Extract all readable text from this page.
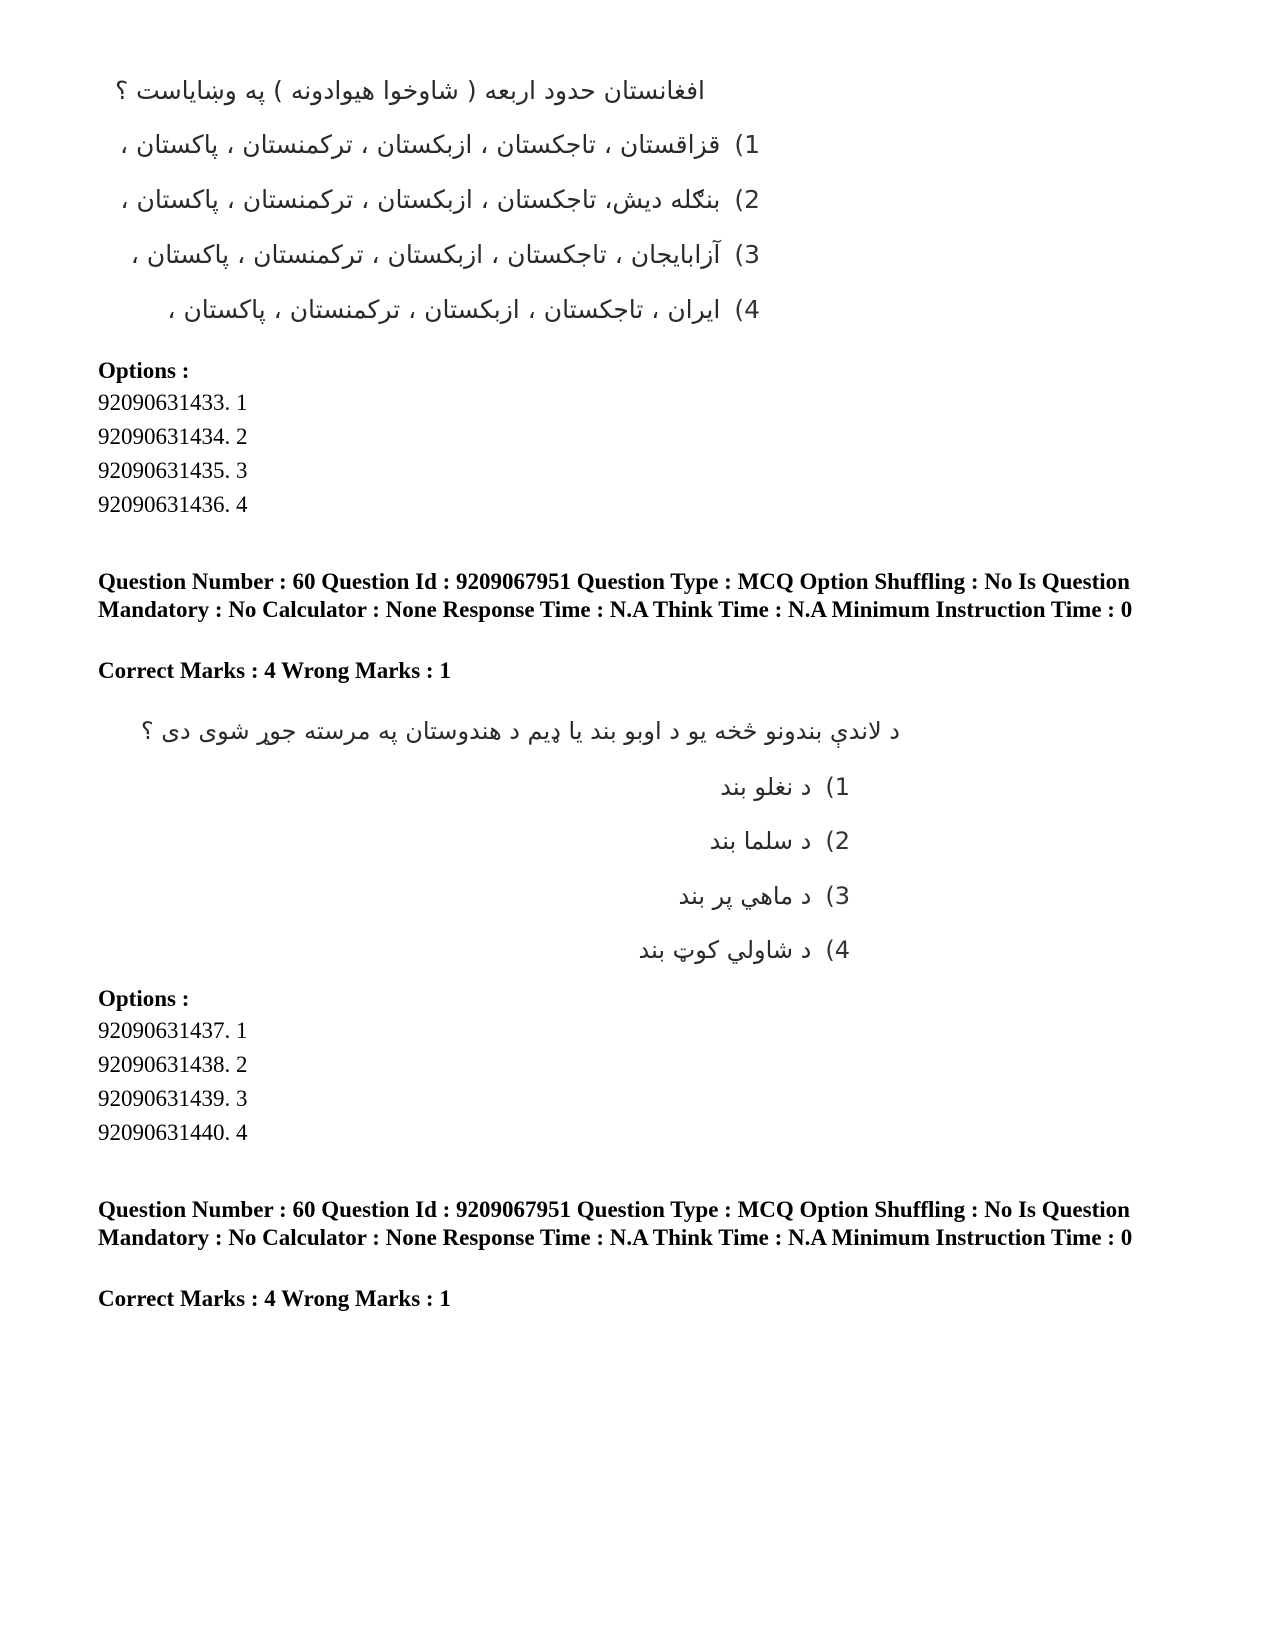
افغانستان حدود اربعه ( شاوخوا هیوادونه ) په وښایاست ؟
(1قزاقستان ، تاجکستان ، ازبکستان ، ترکمنستان ، پاکستان ،
(2بنګله دیش، تاجکستان ، ازبکستان ، ترکمنستان ، پاکستان ،
(3آزابایجان ، تاجکستان ، ازبکستان ، ترکمنستان ، پاکستان ،
(4ایران ، تاجکستان ، ازبکستان ، ترکمنستان ، پاکستان ،
Options :
92090631433. 1
92090631434. 2
92090631435. 3
92090631436. 4
Question Number : 60 Question Id : 9209067951 Question Type : MCQ Option Shuffling : No Is Question Mandatory : No Calculator : None Response Time : N.A Think Time : N.A Minimum Instruction Time : 0
Correct Marks : 4 Wrong Marks : 1
د لاندې بندونو څخه یو د اوبو بند یا ډیم د هندوستان په مرسته جوړ شوی دی ؟
(1د نغلو بند
(2د سلما بند
(3د ماهي پر بند
(4د شاولي کوټ بند
Options :
92090631437. 1
92090631438. 2
92090631439. 3
92090631440. 4
Question Number : 60 Question Id : 9209067951 Question Type : MCQ Option Shuffling : No Is Question Mandatory : No Calculator : None Response Time : N.A Think Time : N.A Minimum Instruction Time : 0
Correct Marks : 4 Wrong Marks : 1
